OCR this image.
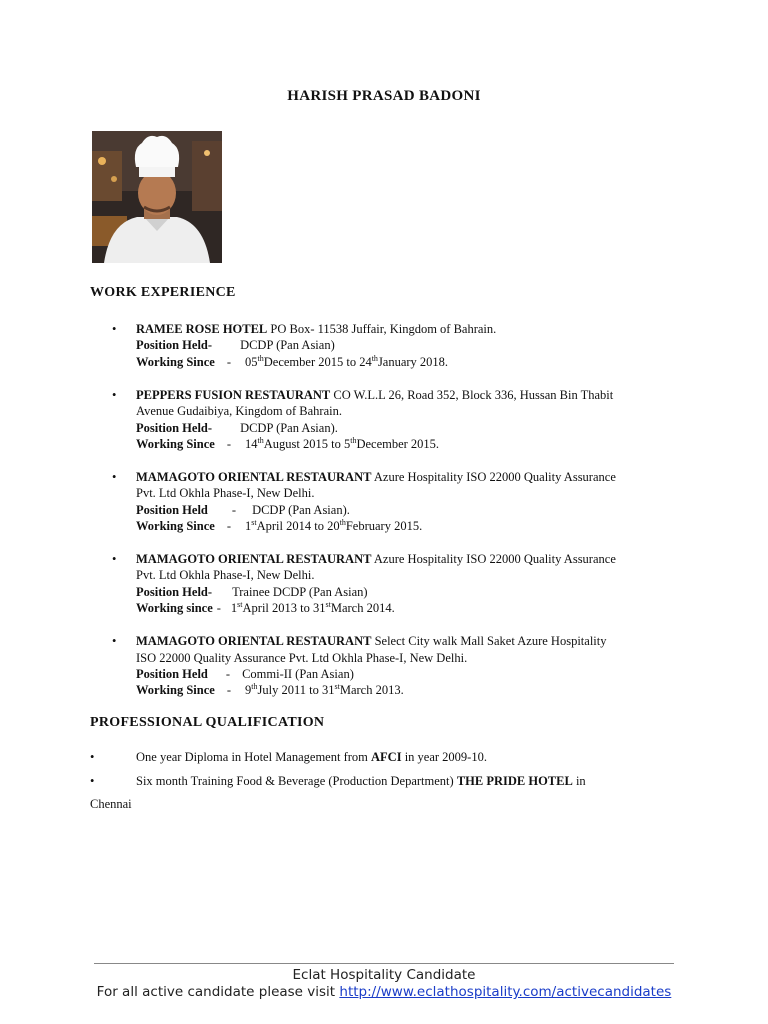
HARISH PRASAD BADONI
WORK EXPERIENCE
• RAMEE ROSE HOTEL PO Box- 11538 Juffair, Kingdom of Bahrain.
Position Held- DCDP (Pan Asian)
Working Since - 05thDecember 2015 to 24thJanuary 2018.
• PEPPERS FUSION RESTAURANT CO W.L.L 26, Road 352, Block 336, Hussan Bin Thabit
Avenue Gudaibiya, Kingdom of Bahrain.
Position Held- DCDP (Pan Asian).
Working Since - 14thAugust 2015 to 5thDecember 2015.
• MAMAGOTO ORIENTAL RESTAURANT Azure Hospitality ISO 22000 Quality Assurance
Pvt. Ltd Okhla Phase-I, New Delhi.
Position Held - DCDP (Pan Asian).
Working Since - 1stApril 2014 to 20thFebruary 2015.
• MAMAGOTO ORIENTAL RESTAURANT Azure Hospitality ISO 22000 Quality Assurance
Pvt. Ltd Okhla Phase-I, New Delhi.
Position Held- Trainee DCDP (Pan Asian)
Working since - 1stApril 2013 to 31stMarch 2014.
• MAMAGOTO ORIENTAL RESTAURANT Select City walk Mall Saket Azure Hospitality
ISO 22000 Quality Assurance Pvt. Ltd Okhla Phase-I, New Delhi.
Position Held - Commi-II (Pan Asian)
Working Since - 9thJuly 2011 to 31stMarch 2013.
PROFESSIONAL QUALIFICATION
•	One year Diploma in Hotel Management from AFCI in year 2009-10.
•	Six month Training Food & Beverage (Production Department) THE PRIDE HOTEL in
Chennai
Eclat Hospitality Candidate
For all active candidate please visit http://www.eclathospitality.com/activecandidates
